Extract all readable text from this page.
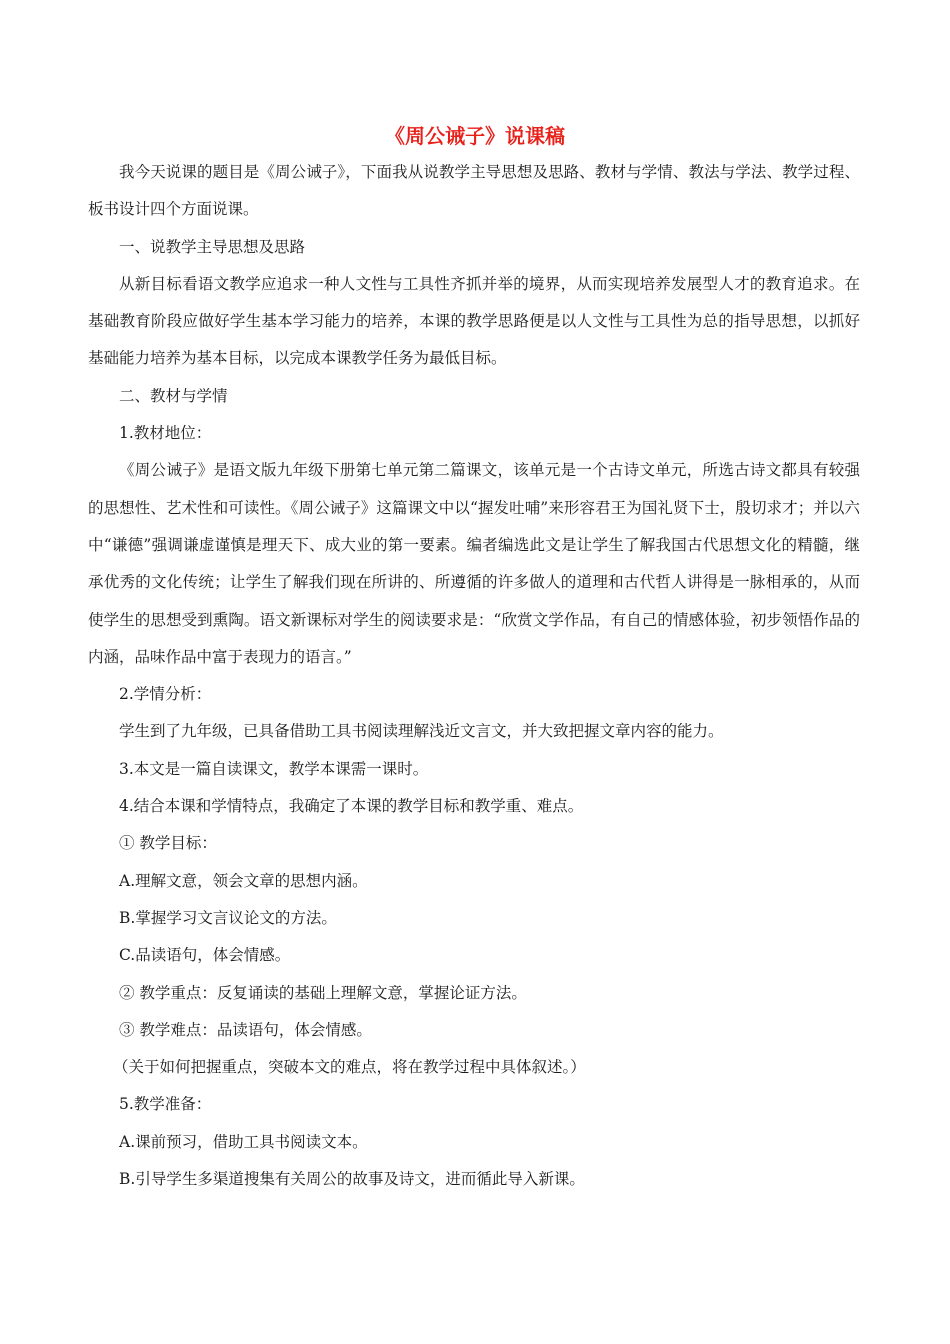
《周公诫子》说课稿

我今天说课的题目是《周公诫子》，下面我从说教学主导思想及思路、教材与学情、教法与学法、教学过程、板书设计四个方面说课。

一、说教学主导思想及思路

从新目标看语文教学应追求一种人文性与工具性齐抓并举的境界，从而实现培养发展型人才的教育追求。在基础教育阶段应做好学生基本学习能力的培养，本课的教学思路便是以人文性与工具性为总的指导思想，以抓好基础能力培养为基本目标，以完成本课教学任务为最低目标。

二、教材与学情

1.教材地位：

《周公诫子》是语文版九年级下册第七单元第二篇课文，该单元是一个古诗文单元，所选古诗文都具有较强的思想性、艺术性和可读性。《周公诫子》这篇课文中以“握发吐哺”来形容君王为国礼贤下士，殷切求才；并以六中“谦德”强调谦虚谨慎是理天下、成大业的第一要素。编者编选此文是让学生了解我国古代思想文化的精髓，继承优秀的文化传统；让学生了解我们现在所讲的、所遵循的许多做人的道理和古代哲人讲得是一脉相承的，从而使学生的思想受到熏陶。语文新课标对学生的阅读要求是：“欣赏文学作品，有自己的情感体验，初步领悟作品的内涵，品味作品中富于表现力的语言。”

2.学情分析：

学生到了九年级，已具备借助工具书阅读理解浅近文言文，并大致把握文章内容的能力。

3.本文是一篇自读课文，教学本课需一课时。

4.结合本课和学情特点，我确定了本课的教学目标和教学重、难点。

① 教学目标：

A.理解文意，领会文章的思想内涵。

B.掌握学习文言议论文的方法。

C.品读语句，体会情感。

② 教学重点：反复诵读的基础上理解文意，掌握论证方法。

③ 教学难点：品读语句，体会情感。

（关于如何把握重点，突破本文的难点，将在教学过程中具体叙述。）

5.教学准备：

A.课前预习，借助工具书阅读文本。

B.引导学生多渠道搜集有关周公的故事及诗文，进而循此导入新课。
